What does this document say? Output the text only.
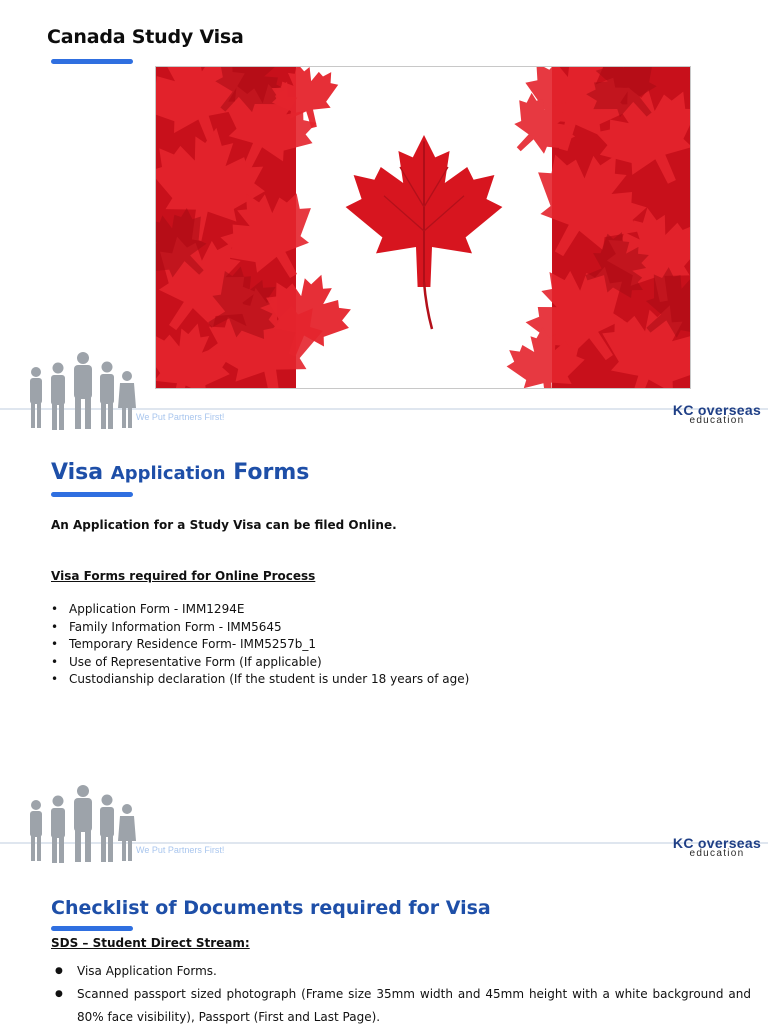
Canada Study Visa
We Put Partners First!	KC overseas
education
Visa Application Forms
An Application for a Study Visa can be filed Online.
Visa Forms required for Online Process
• Application Form - IMM1294E
• Family Information Form - IMM5645
• Temporary Residence Form- IMM5257b_1
• Use of Representative Form (If applicable)
• Custodianship declaration (If the student is under 18 years of age)
We Put Partners First!	KC overseas
education
Checklist of Documents required for Visa
SDS – Student Direct Stream:
● Visa Application Forms.
● Scanned passport sized photograph (Frame size 35mm width and 45mm height with a white background and 80% face visibility), Passport (First and Last Page).
